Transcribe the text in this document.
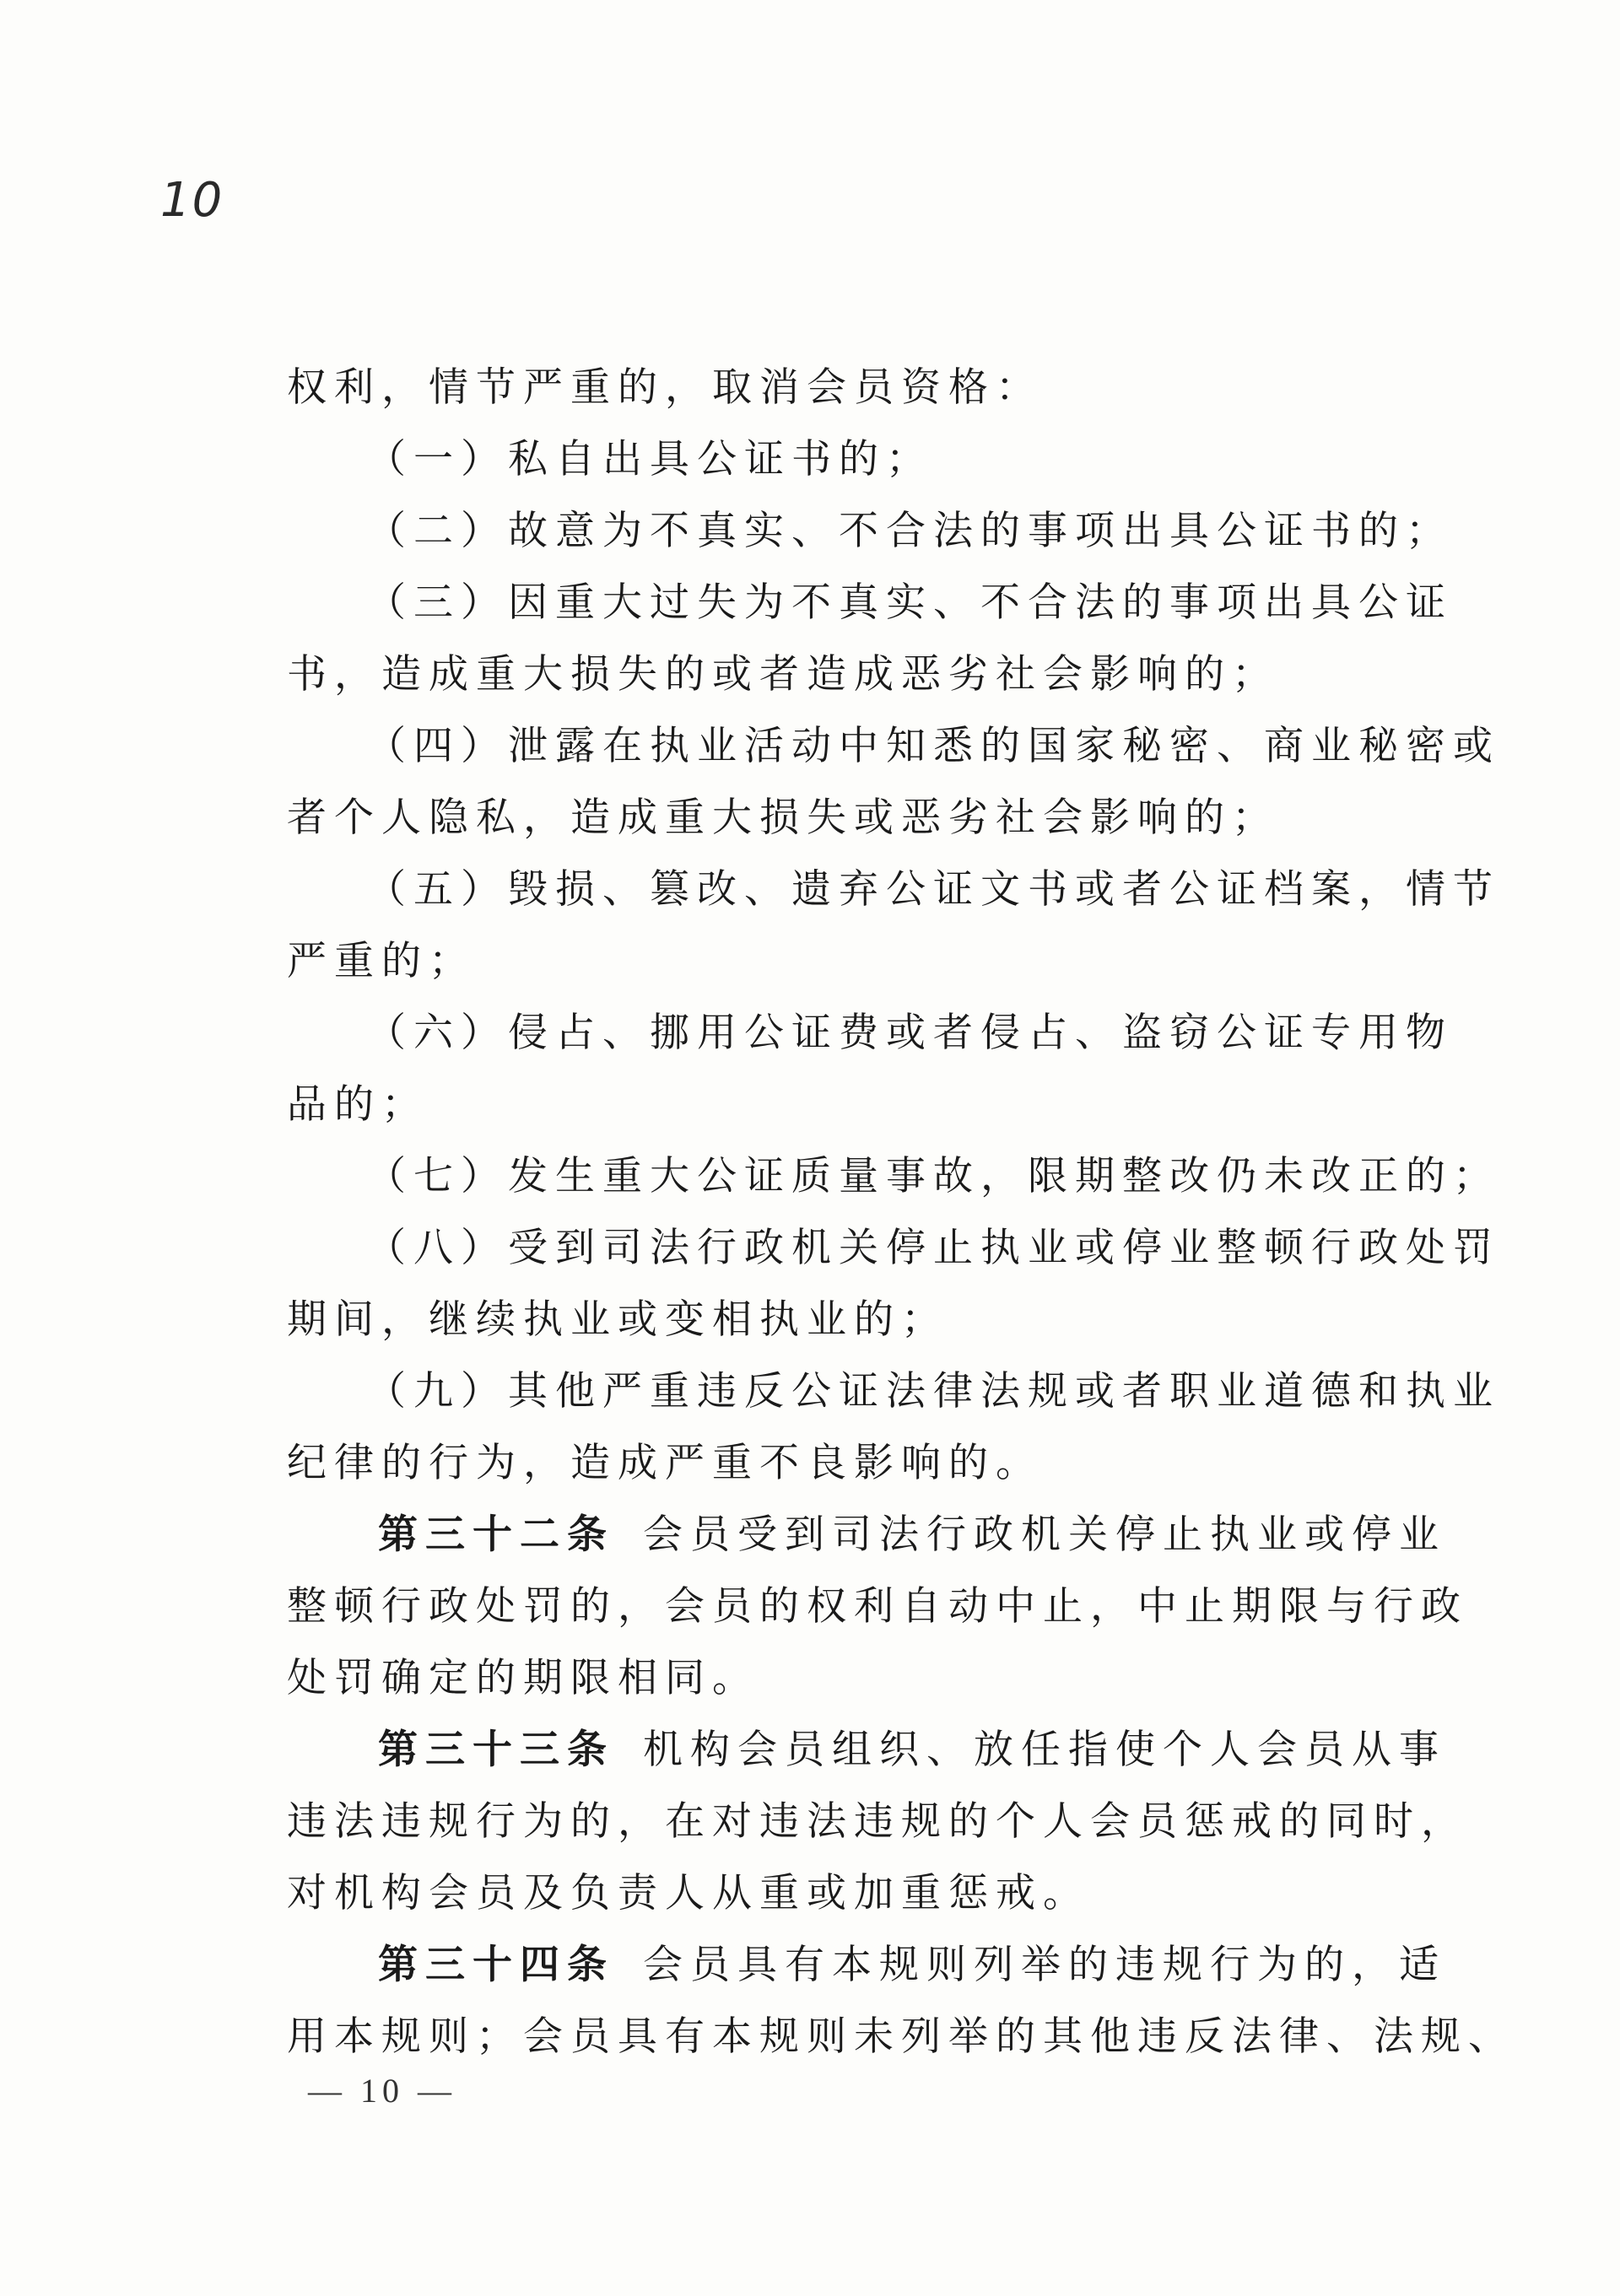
10
权利，情节严重的，取消会员资格：
（一）私自出具公证书的；
（二）故意为不真实、不合法的事项出具公证书的；
（三）因重大过失为不真实、不合法的事项出具公证
书，造成重大损失的或者造成恶劣社会影响的；
（四）泄露在执业活动中知悉的国家秘密、商业秘密或
者个人隐私，造成重大损失或恶劣社会影响的；
（五）毁损、篡改、遗弃公证文书或者公证档案，情节
严重的；
（六）侵占、挪用公证费或者侵占、盗窃公证专用物
品的；
（七）发生重大公证质量事故，限期整改仍未改正的；
（八）受到司法行政机关停止执业或停业整顿行政处罚
期间，继续执业或变相执业的；
（九）其他严重违反公证法律法规或者职业道德和执业
纪律的行为，造成严重不良影响的。
第三十二条 会员受到司法行政机关停止执业或停业
整顿行政处罚的，会员的权利自动中止，中止期限与行政
处罚确定的期限相同。
第三十三条 机构会员组织、放任指使个人会员从事
违法违规行为的，在对违法违规的个人会员惩戒的同时，
对机构会员及负责人从重或加重惩戒。
第三十四条 会员具有本规则列举的违规行为的，适
用本规则；会员具有本规则未列举的其他违反法律、法规、
— 10 —
